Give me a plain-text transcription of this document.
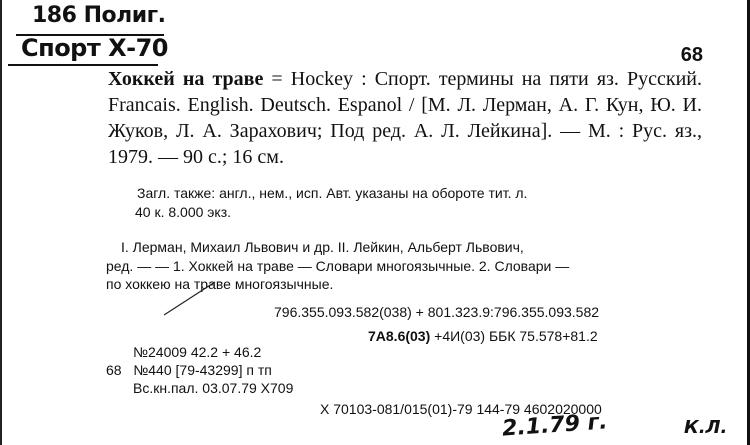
186 Полиг.
Спорт Х-70	68

Хоккей на траве = Hockey : Спорт. термины на пяти яз. Русский. Francais. English. Deutsch. Espanol / [М. Л. Лерман, А. Г. Кун, Ю. И. Жуков, Л. А. Зарахович; Под ред. А. Л. Лейкина]. — М. : Рус. яз., 1979. — 90 с.; 16 см.

Загл. также: англ., нем., исп. Авт. указаны на обороте тит. л.
40 к. 8.000 экз.
I. Лерман, Михаил Львович и др. II. Лейкин, Альберт Львович,
ред. — — 1. Хоккей на траве — Словари многоязычные. 2. Словари —
по хоккею на траве многоязычные.
796.355.093.582(038) + 801.323.9:796.355.093.582
7А8.6(03) +4И(03) ББК 75.578+81.2
№24009 42.2 + 46.2
68 №440 [79-43299] п тп
Вс.кн.пал. 03.07.79 Х709
Х 70103-081/015(01)-79 144-79 4602020000
2.1.79 г.	К.Л.
